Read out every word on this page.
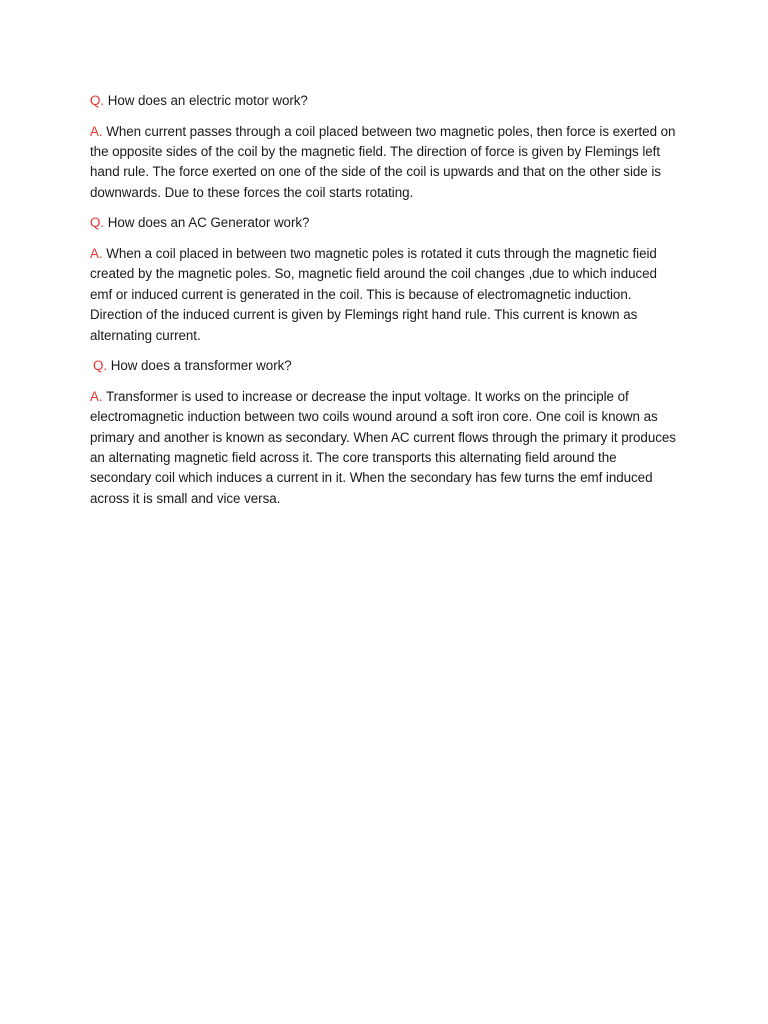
Q. How does an electric motor work?

A. When current passes through a coil placed between two magnetic poles, then force is exerted on the opposite sides of the coil by the magnetic field. The direction of force is given by Flemings left hand rule. The force exerted on one of the side of the coil is upwards and that on the other side is downwards. Due to these forces the coil starts rotating.

Q. How does an AC Generator work?

A. When a coil placed in between two magnetic poles is rotated it cuts through the magnetic fieid created by the magnetic poles. So, magnetic field around the coil changes ,due to which induced emf or induced current is generated in the coil. This is because of electromagnetic induction. Direction of the induced current is given by Flemings right hand rule. This current is known as alternating current.

Q. How does a transformer work?

A. Transformer is used to increase or decrease the input voltage. It works on the principle of electromagnetic induction between two coils wound around a soft iron core. One coil is known as primary and another is known as secondary. When AC current flows through the primary it produces an alternating magnetic field across it. The core transports this alternating field around the secondary coil which induces a current in it. When the secondary has few turns the emf induced across it is small and vice versa.
